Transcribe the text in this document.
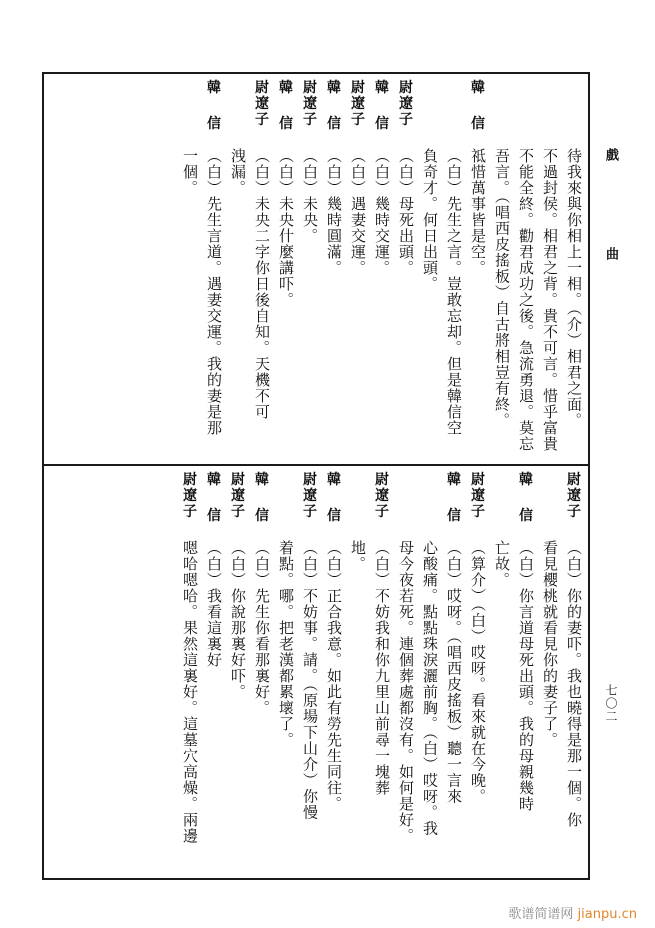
戲曲
七〇二
待我來與你相上一相。（介）相君之面。
不過封侯。相君之背。貴不可言。惜乎富貴
不能全終。勸君成功之後。急流勇退。莫忘
吾言。（唱西皮搖板）自古將相豈有終。
韓
信
祗惜萬事皆是空。
（白）先生之言。豈敢忘却。但是韓信空
負奇才。何日出頭。
尉
遼
子
（白）母死出頭。
韓
信
（白）幾時交運。
尉
遼
子
（白）遇妻交運。
韓
信
（白）幾時圓滿。
尉
遼
子
（白）未央。
韓
信
（白）未央什麼講吓。
尉
遼
子
（白）未央二字你日後自知。天機不可
洩漏。
韓
信
（白）先生言道。遇妻交運。我的妻是那
一個。
尉
遼
子
（白）你的妻吓。我也曉得是那一個。你
看見櫻桃就看見你的妻子了。
韓
信
（白）你言道母死出頭。我的母親幾時
亡故。
尉
遼
子
（算介）（白）哎呀。看來就在今晚。
韓
信
（白）哎呀。（唱西皮搖板）聽一言來
心酸痛。點點珠淚灑前胸。（白）哎呀。我
母今夜若死。連個葬處都沒有。如何是好。
尉
遼
子
（白）不妨我和你九里山前尋一塊葬
地。
韓
信
（白）正合我意。如此有勞先生同往。
尉
遼
子
（白）不妨事。請。（原場下山介）你慢
着點。哪。把老漢都累壞了。
韓
信
（白）先生你看那裏好。
尉
遼
子
（白）你說那裏好吓。
韓
信
（白）我看這裏好
尉
遼
子
嗯哈嗯哈。果然這裏好。這墓穴高燥。兩邊
歌谱简谱网 jianpu.cn
